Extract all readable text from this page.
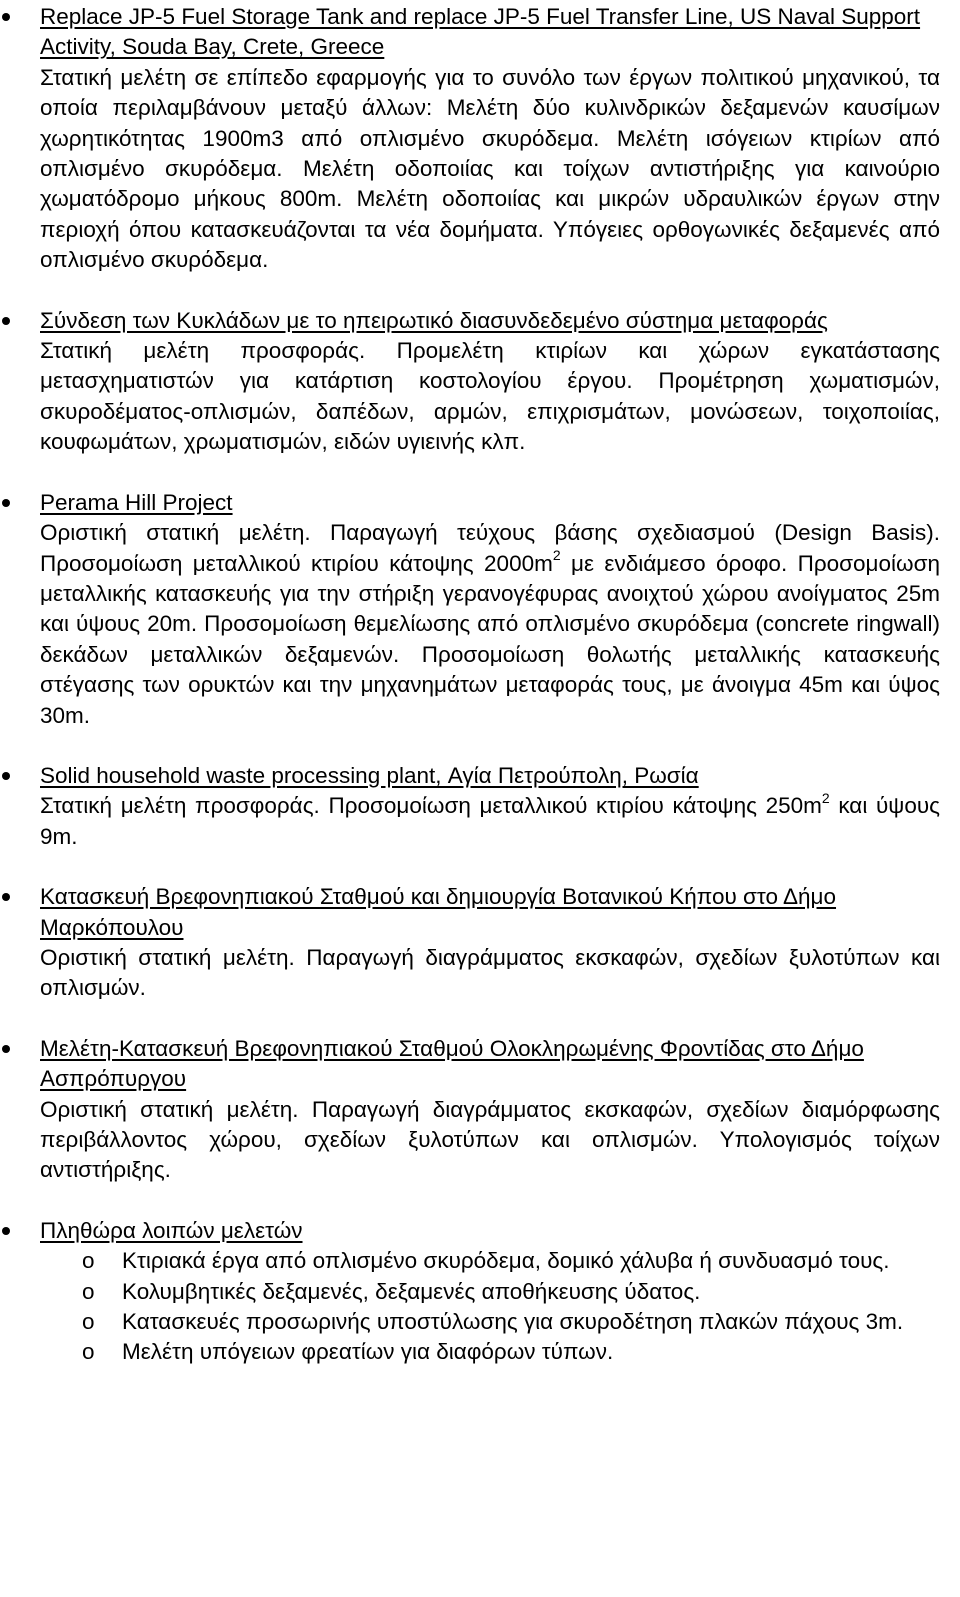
Replace JP-5 Fuel Storage Tank and replace JP-5 Fuel Transfer Line, US Naval Support Activity, Souda Bay, Crete, Greece
Στατική μελέτη σε επίπεδο εφαρμογής για το συνόλο των έργων πολιτικού μηχανικού, τα οποία περιλαμβάνουν μεταξύ άλλων: Μελέτη δύο κυλινδρικών δεξαμενών καυσίμων χωρητικότητας 1900m3 από οπλισμένο σκυρόδεμα. Μελέτη ισόγειων κτιρίων από οπλισμένο σκυρόδεμα. Μελέτη οδοποιίας και τοίχων αντιστήριξης για καινούριο χωματόδρομο μήκους 800m. Μελέτη οδοποιίας και μικρών υδραυλικών έργων στην περιοχή όπου κατασκευάζονται τα νέα δομήματα. Υπόγειες ορθογωνικές δεξαμενές από οπλισμένο σκυρόδεμα.
Σύνδεση των Κυκλάδων με το ηπειρωτικό διασυνδεδεμένο σύστημα μεταφοράς
Στατική μελέτη προσφοράς. Προμελέτη κτιρίων και χώρων εγκατάστασης μετασχηματιστών για κατάρτιση κοστολογίου έργου. Προμέτρηση χωματισμών, σκυροδέματος-οπλισμών, δαπέδων, αρμών, επιχρισμάτων, μονώσεων, τοιχοποιίας, κουφωμάτων, χρωματισμών, ειδών υγιεινής κλπ.
Perama Hill Project
Οριστική στατική μελέτη. Παραγωγή τεύχους βάσης σχεδιασμού (Design Basis). Προσομοίωση μεταλλικού κτιρίου κάτοψης $2000m^2$ με ενδιάμεσο όροφο. Προσομοίωση μεταλλικής κατασκευής για την στήριξη γερανογέφυρας ανοιχτού χώρου ανοίγματος 25m και ύψους 20m. Προσομοίωση θεμελίωσης από οπλισμένο σκυρόδεμα (concrete ringwall) δεκάδων μεταλλικών δεξαμενών. Προσομοίωση θολωτής μεταλλικής κατασκευής στέγασης των ορυκτών και την μηχανημάτων μεταφοράς τους, με άνοιγμα 45m και ύψος 30m.
Solid household waste processing plant, Αγία Πετρούπολη, Ρωσία
Στατική μελέτη προσφοράς. Προσομοίωση μεταλλικού κτιρίου κάτοψης $250m^2$ και ύψους 9m.
Κατασκευή Βρεφονηπιακού Σταθμού και δημιουργία Βοτανικού Κήπου στο Δήμο Μαρκόπουλου
Οριστική στατική μελέτη. Παραγωγή διαγράμματος εκσκαφών, σχεδίων ξυλοτύπων και οπλισμών.
Μελέτη-Κατασκευή Βρεφονηπιακού Σταθμού Ολοκληρωμένης Φροντίδας στο Δήμο Ασπρόπυργου
Οριστική στατική μελέτη. Παραγωγή διαγράμματος εκσκαφών, σχεδίων διαμόρφωσης περιβάλλοντος χώρου, σχεδίων ξυλοτύπων και οπλισμών. Υπολογισμός τοίχων αντιστήριξης.
Πληθώρα λοιπών μελετών
o Κτιριακά έργα από οπλισμένο σκυρόδεμα, δομικό χάλυβα ή συνδυασμό τους.
o Κολυμβητικές δεξαμενές, δεξαμενές αποθήκευσης ύδατος.
o Κατασκευές προσωρινής υποστύλωσης για σκυροδέτηση πλακών πάχους 3m.
o Μελέτη υπόγειων φρεατίων για διαφόρων τύπων.
